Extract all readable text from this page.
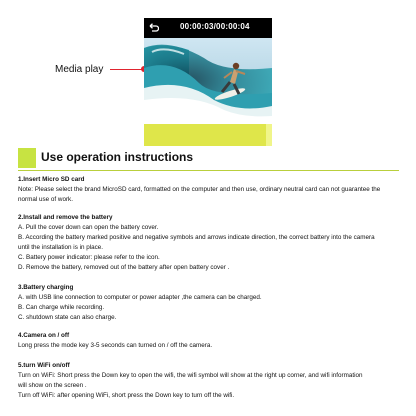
Media play
00:00:03/00:00:04
Use operation instructions

1.Insert Micro SD card

Note: Please select the brand MicroSD card, formatted on the computer and then use, ordinary neutral card can not guarantee the

normal use of work.

2.Install and remove the battery

A. Pull the cover down can open the battery cover.

B. According the battery marked positive and negative symbols and arrows indicate direction, the correct battery into the camera

until the installation is in place.

C. Battery power indicator: please refer to the icon.

D. Remove the battery, removed out of the battery after open battery cover .

3.Battery charging

A. with USB line connection to computer or power adapter ,the camera can be charged.

B. Can charge while recording.

C. shutdown state can also charge.

4.Camera on / off

Long press the mode key 3-5 seconds can turned on / off the camera.

5.turn WiFi on/off

Turn on WiFi: Short press the Down key to open the wifi, the wifi symbol will show at the right up corner, and wifi information

will show on the screen .

Turn off WiFi: after opening WiFi, short press the Down key to turn off the wifi.
